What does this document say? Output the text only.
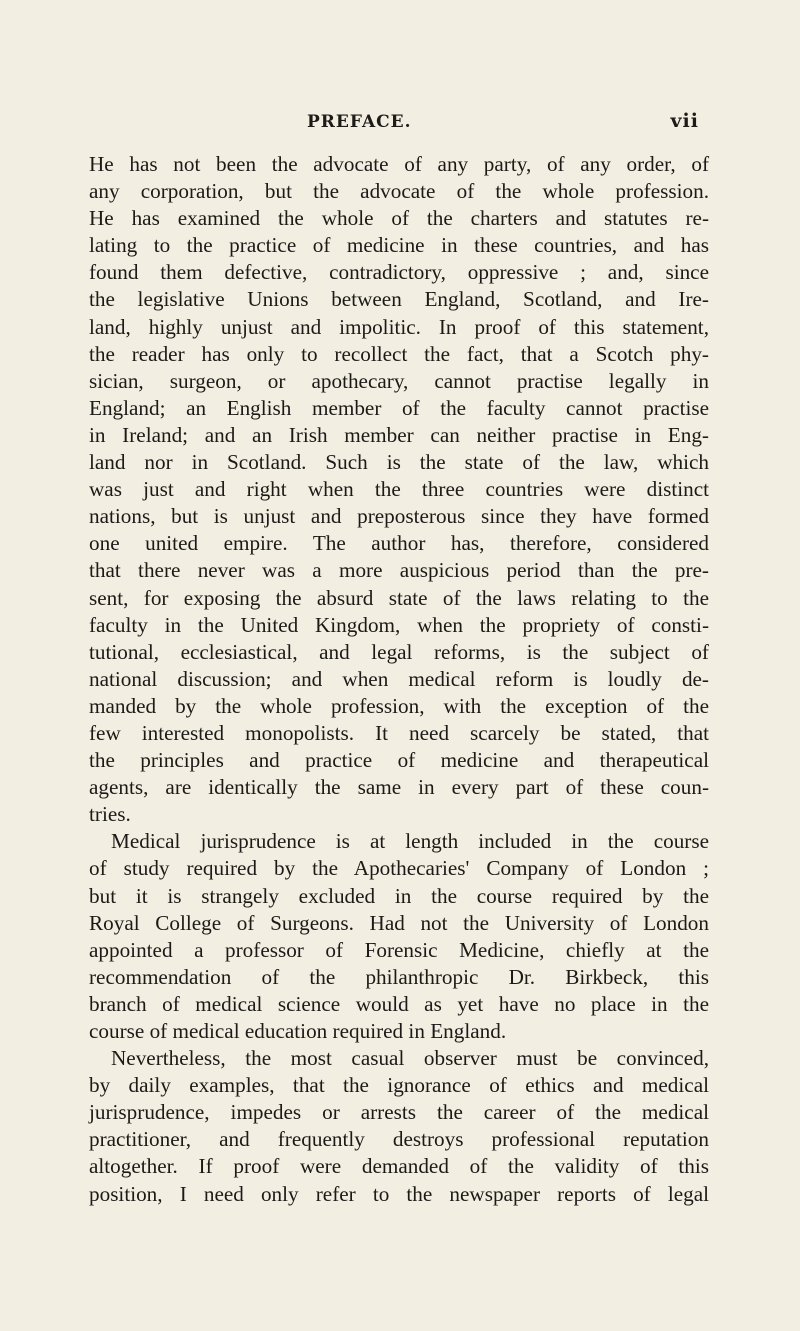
PREFACE.	vii
He has not been the advocate of any party, of any order, of
any corporation, but the advocate of the whole profession.
He has examined the whole of the charters and statutes re-
lating to the practice of medicine in these countries, and has
found them defective, contradictory, oppressive ; and, since
the legislative Unions between England, Scotland, and Ire-
land, highly unjust and impolitic. In proof of this statement,
the reader has only to recollect the fact, that a Scotch phy-
sician, surgeon, or apothecary, cannot practise legally in
England; an English member of the faculty cannot practise
in Ireland; and an Irish member can neither practise in Eng-
land nor in Scotland. Such is the state of the law, which
was just and right when the three countries were distinct
nations, but is unjust and preposterous since they have formed
one united empire. The author has, therefore, considered
that there never was a more auspicious period than the pre-
sent, for exposing the absurd state of the laws relating to the
faculty in the United Kingdom, when the propriety of consti-
tutional, ecclesiastical, and legal reforms, is the subject of
national discussion; and when medical reform is loudly de-
manded by the whole profession, with the exception of the
few interested monopolists. It need scarcely be stated, that
the principles and practice of medicine and therapeutical
agents, are identically the same in every part of these coun-
tries.
Medical jurisprudence is at length included in the course
of study required by the Apothecaries' Company of London ;
but it is strangely excluded in the course required by the
Royal College of Surgeons. Had not the University of London
appointed a professor of Forensic Medicine, chiefly at the
recommendation of the philanthropic Dr. Birkbeck, this
branch of medical science would as yet have no place in the
course of medical education required in England.
Nevertheless, the most casual observer must be convinced,
by daily examples, that the ignorance of ethics and medical
jurisprudence, impedes or arrests the career of the medical
practitioner, and frequently destroys professional reputation
altogether. If proof were demanded of the validity of this
position, I need only refer to the newspaper reports of legal
